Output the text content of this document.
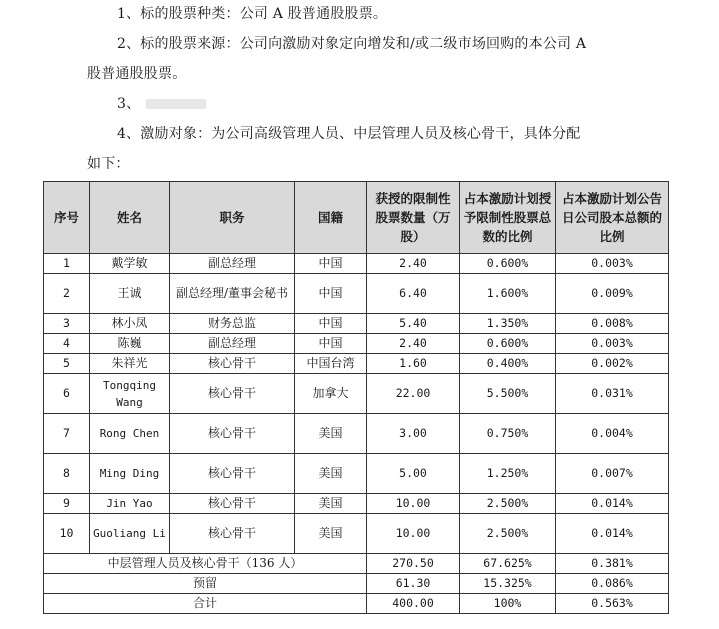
1、标的股票种类：公司 A 股普通股股票。
2、标的股票来源：公司向激励对象定向增发和/或二级市场回购的本公司 A
股普通股股票。
3、
4、激励对象：为公司高级管理人员、中层管理人员及核心骨干，具体分配
如下：
序号	姓名	职务	国籍	获授的限制性股票数量（万股）	占本激励计划授予限制性股票总数的比例	占本激励计划公告日公司股本总额的比例
1	戴学敏	副总经理	中国	2.40	0.600%	0.003%
2	王诚	副总经理/董事会秘书	中国	6.40	1.600%	0.009%
3	林小凤	财务总监	中国	5.40	1.350%	0.008%
4	陈巍	副总经理	中国	2.40	0.600%	0.003%
5	朱祥光	核心骨干	中国台湾	1.60	0.400%	0.002%
6	Tongqing Wang	核心骨干	加拿大	22.00	5.500%	0.031%
7	Rong Chen	核心骨干	美国	3.00	0.750%	0.004%
8	Ming Ding	核心骨干	美国	5.00	1.250%	0.007%
9	Jin Yao	核心骨干	美国	10.00	2.500%	0.014%
10	Guoliang Li	核心骨干	美国	10.00	2.500%	0.014%
中层管理人员及核心骨干（136 人）				270.50	67.625%	0.381%
预留				61.30	15.325%	0.086%
合计				400.00	100%	0.563%
